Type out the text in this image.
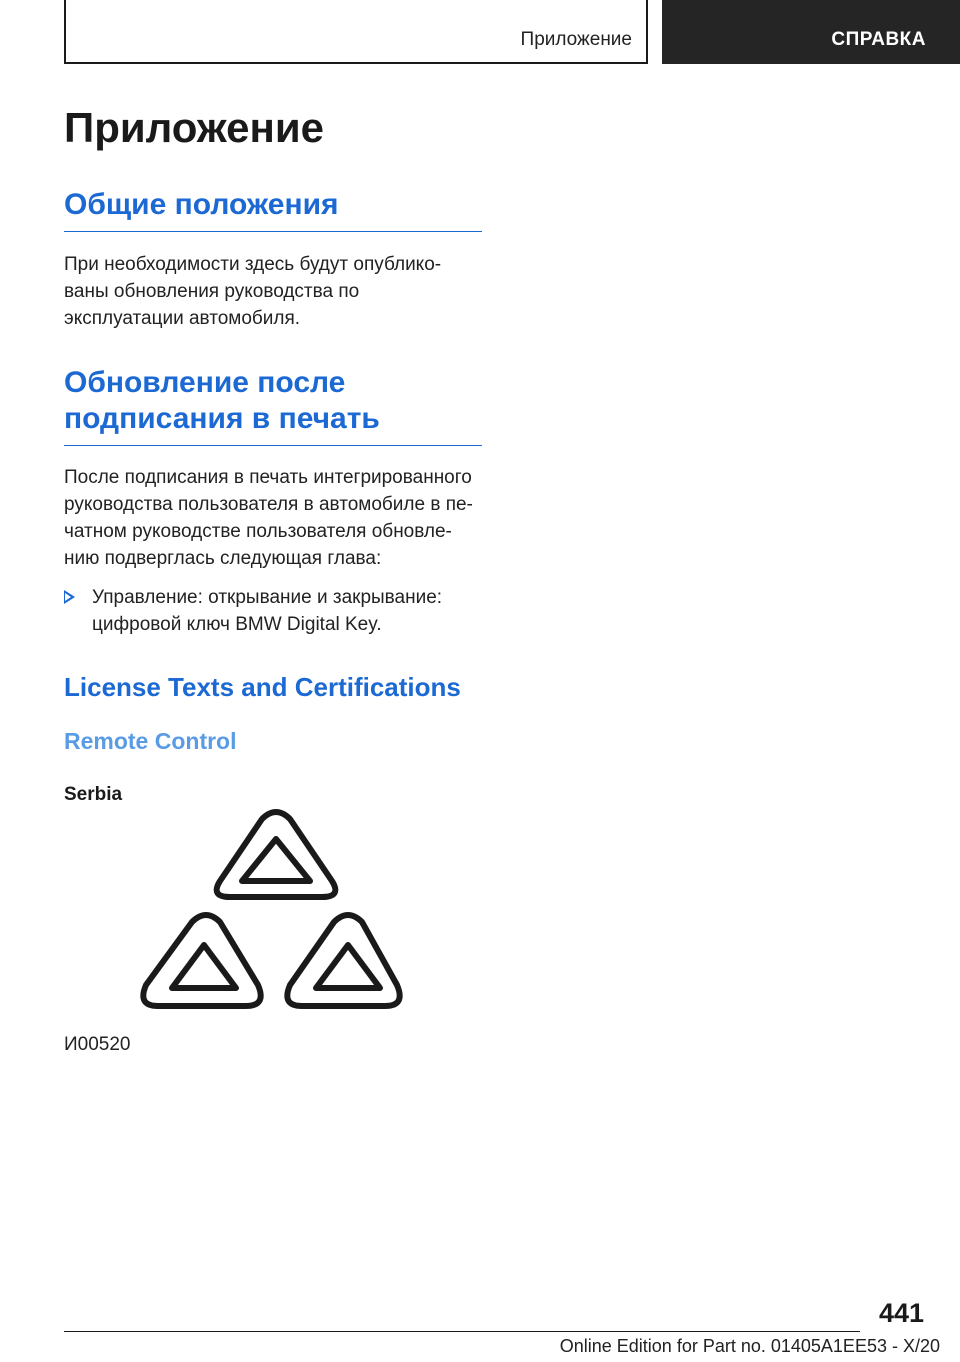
Приложение	СПРАВКА
Приложение
Общие положения

При необходимости здесь будут опублико-ваны обновления руководства по эксплуатации автомобиля.

Обновление после подписания в печать

После подписания в печать интегрированного руководства пользователя в автомобиле в пе-чатном руководстве пользователя обновле-нию подверглась следующая глава:

Управление: открывание и закрывание: цифровой ключ BMW Digital Key.

License Texts and Certifications
Remote Control
Serbia
И00520
441
Online Edition for Part no. 01405A1EE53 - X/20
